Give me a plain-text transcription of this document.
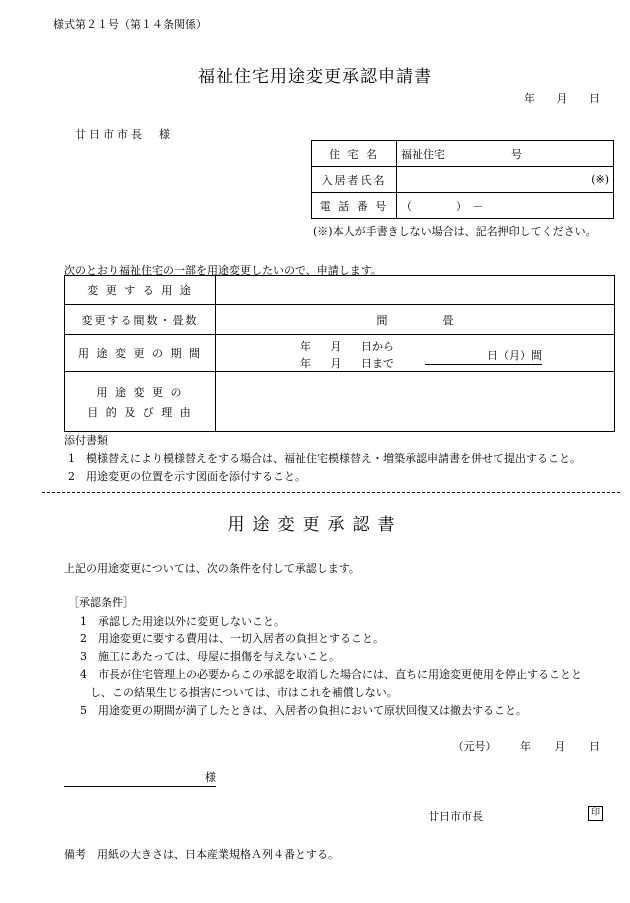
様式第２１号（第１４条関係）
福祉住宅用途変更承認申請書
年 月 日
廿日市市長　様
住 宅 名	福祉住宅　　　　　　号
入居者氏名	(※)

電 話 番 号	（　　　　）　－
(※)本人が手書きしない場合は、記名押印してください。
次のとおり福祉住宅の一部を用途変更したいので、申請します。
変 更 す る 用 途	
変更する間数・畳数	間　　　　　畳
用 途 変 更 の 期 間	年 月 日から
年 月 日まで
日（月）間

用 途 変 更 の
目 的 及 び 理 由	

添付書類
1　模様替えにより模様替えをする場合は、福祉住宅模様替え・増築承認申請書を併せて提出すること。
2　用途変更の位置を示す図面を添付すること。
用途変更承認書
上記の用途変更については、次の条件を付して承認します。
［承認条件］
1　承認した用途以外に変更しないこと。
2　用途変更に要する費用は、一切入居者の負担とすること。
3　施工にあたっては、母屋に損傷を与えないこと。
4　市長が住宅管理上の必要からこの承認を取消した場合には、直ちに用途変更使用を停止することと
し、この結果生じる損害については、市はこれを補償しない。
5　用途変更の期間が満了したときは、入居者の負担において原状回復又は撤去すること。
（元号） 年 月 日
様
廿日市市長	印
備考　用紙の大きさは、日本産業規格Ａ列４番とする。
